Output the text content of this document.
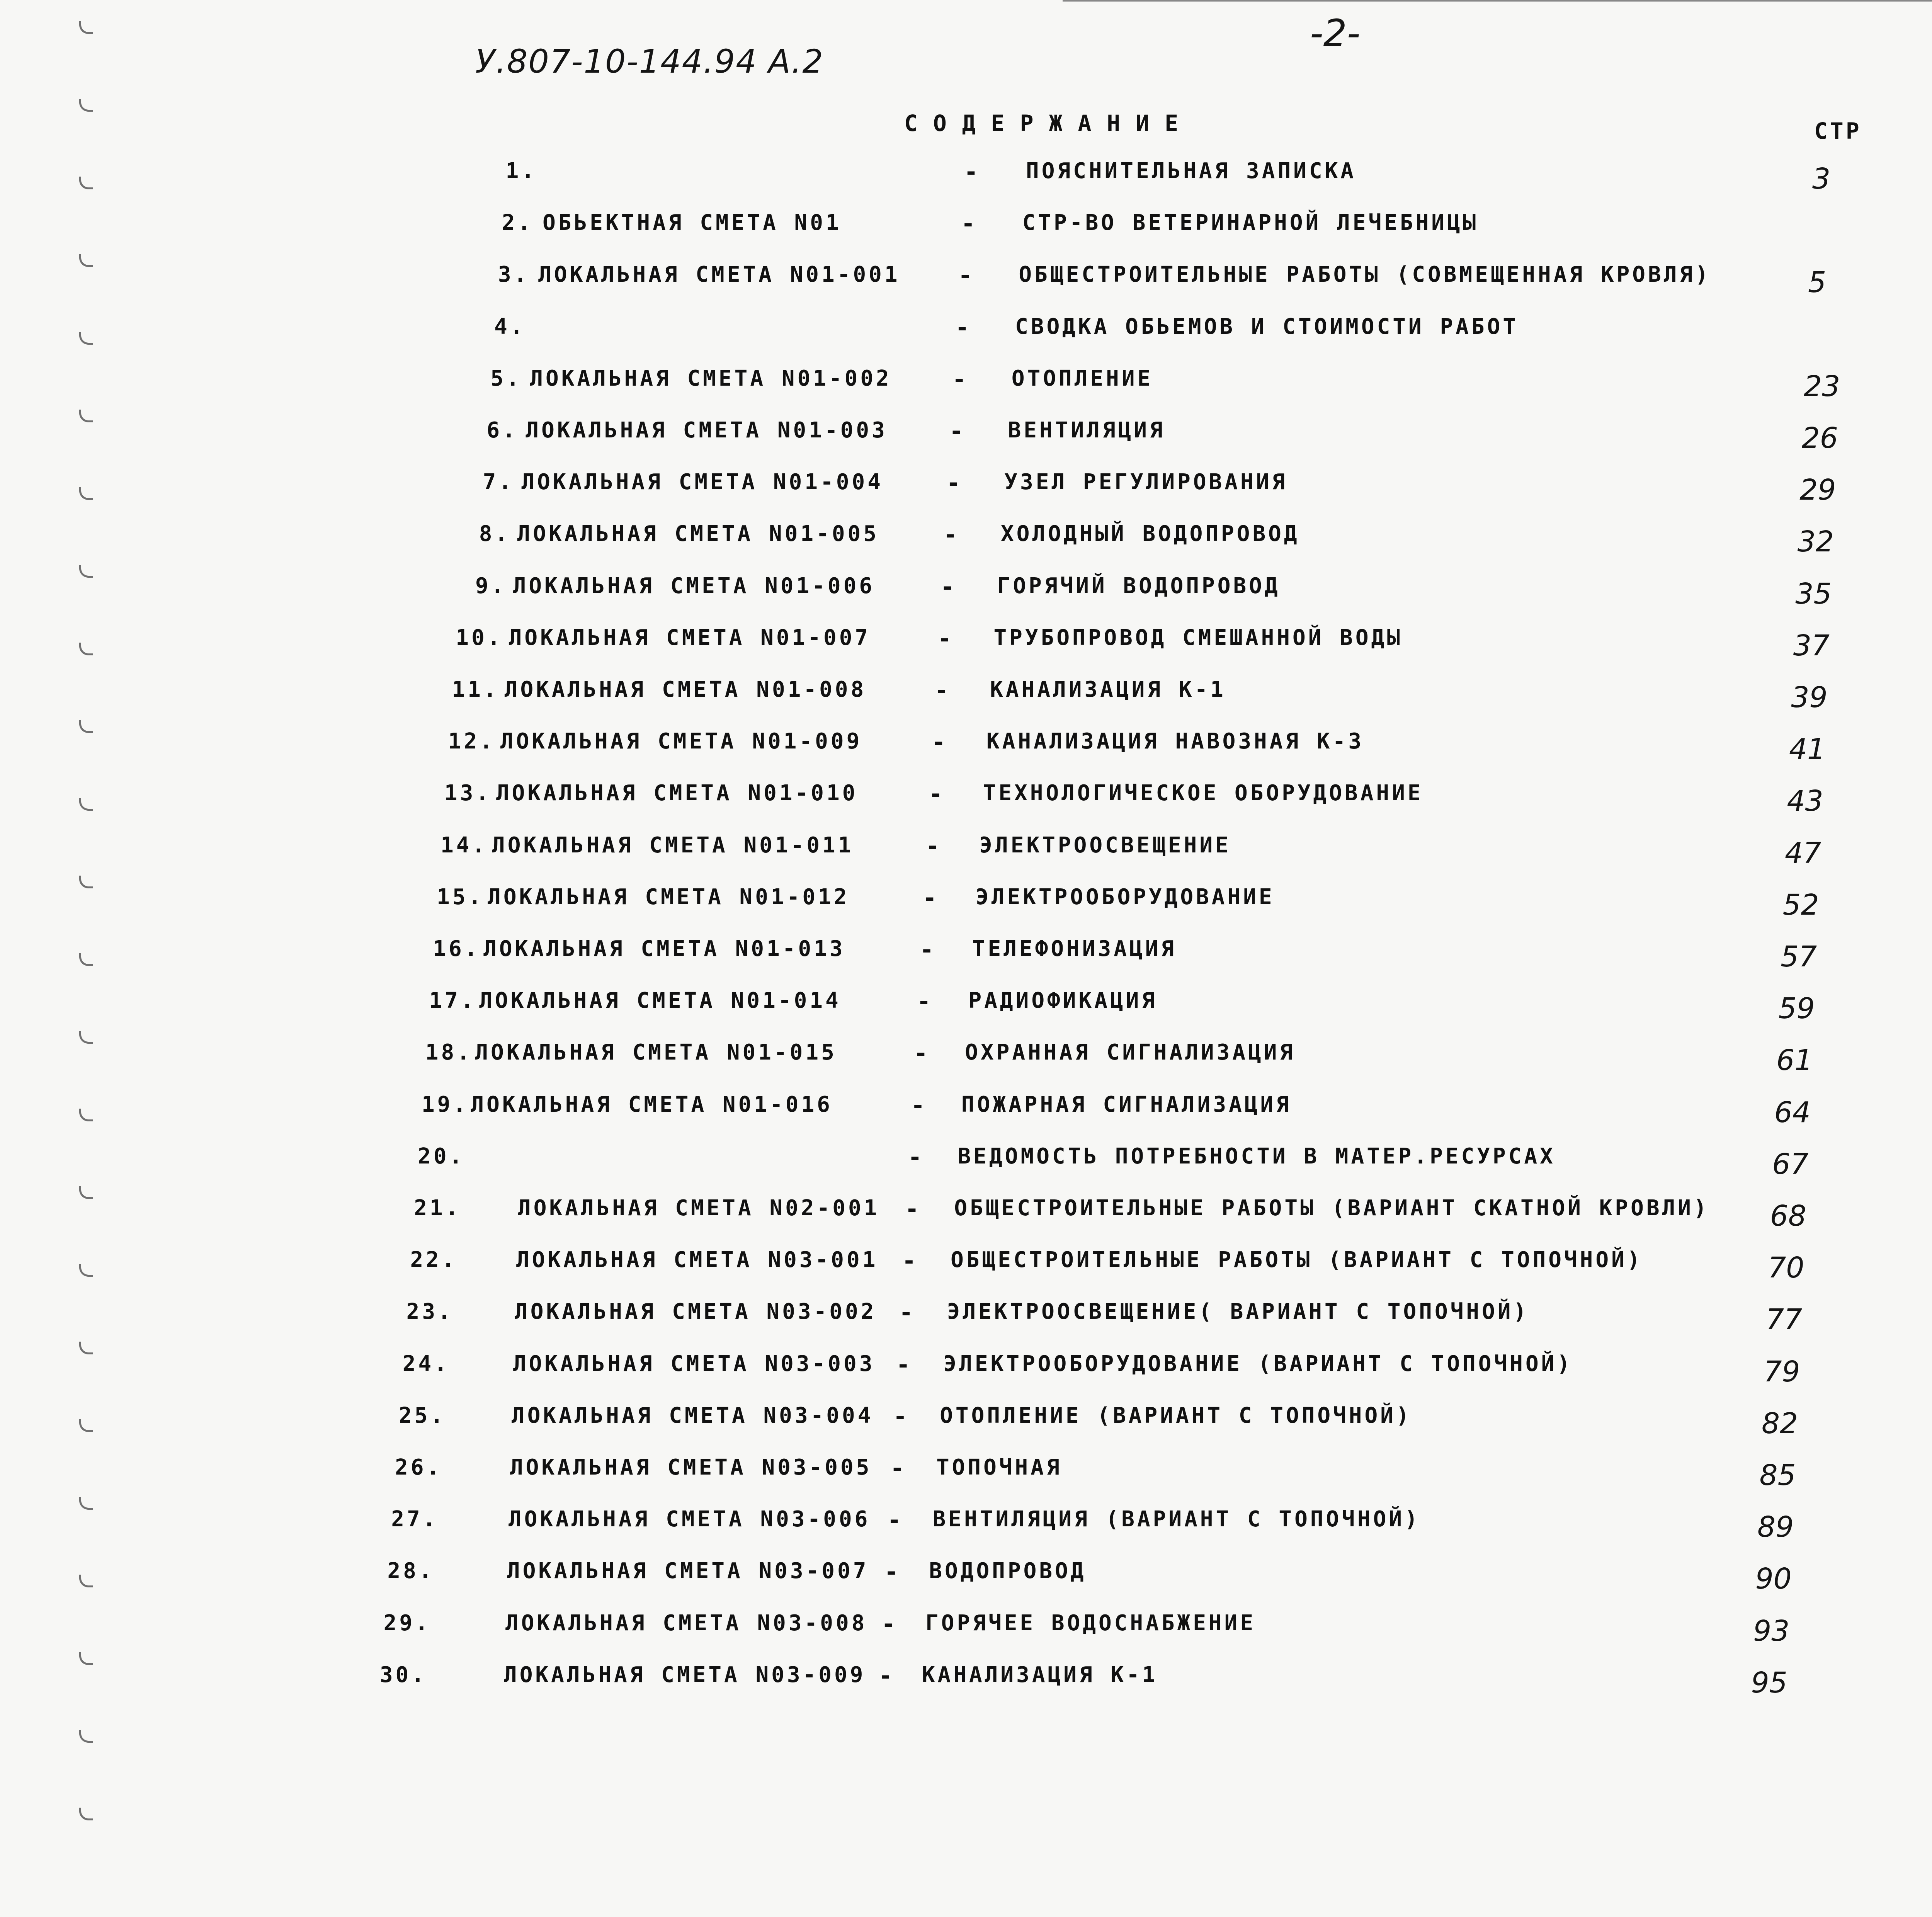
У.807-10-144.94 А.2
-2-
СОДЕРЖАНИЕ	СТР
1.	- ПОЯСНИТЕЛЬНАЯ ЗАПИСКА	3
2. ОБЬЕКТНАЯ СМЕТА N01	- СТР-ВО ВЕТЕРИНАРНОЙ ЛЕЧЕБНИЦЫ
3. ЛОКАЛЬНАЯ СМЕТА N01-001	- ОБЩЕСТРОИТЕЛЬНЫЕ РАБОТЫ (СОВМЕЩЕННАЯ КРОВЛЯ)	5
4.	- СВОДКА ОБЬЕМОВ И СТОИМОСТИ РАБОТ
5. ЛОКАЛЬНАЯ СМЕТА N01-002	- ОТОПЛЕНИЕ	23
6. ЛОКАЛЬНАЯ СМЕТА N01-003	- ВЕНТИЛЯЦИЯ	26
7. ЛОКАЛЬНАЯ СМЕТА N01-004	- УЗЕЛ РЕГУЛИРОВАНИЯ	29
8. ЛОКАЛЬНАЯ СМЕТА N01-005	- ХОЛОДНЫЙ ВОДОПРОВОД	32
9. ЛОКАЛЬНАЯ СМЕТА N01-006	- ГОРЯЧИЙ ВОДОПРОВОД	35
10. ЛОКАЛЬНАЯ СМЕТА N01-007	- ТРУБОПРОВОД СМЕШАННОЙ ВОДЫ	37
11. ЛОКАЛЬНАЯ СМЕТА N01-008	- КАНАЛИЗАЦИЯ К-1	39
12. ЛОКАЛЬНАЯ СМЕТА N01-009	- КАНАЛИЗАЦИЯ НАВОЗНАЯ К-3	41
13. ЛОКАЛЬНАЯ СМЕТА N01-010	- ТЕХНОЛОГИЧЕСКОЕ ОБОРУДОВАНИЕ	43
14. ЛОКАЛЬНАЯ СМЕТА N01-011	- ЭЛЕКТРООСВЕЩЕНИЕ	47
15. ЛОКАЛЬНАЯ СМЕТА N01-012	- ЭЛЕКТРООБОРУДОВАНИЕ	52
16. ЛОКАЛЬНАЯ СМЕТА N01-013	- ТЕЛЕФОНИЗАЦИЯ	57
17. ЛОКАЛЬНАЯ СМЕТА N01-014	- РАДИОФИКАЦИЯ	59
18. ЛОКАЛЬНАЯ СМЕТА N01-015	- ОХРАННАЯ СИГНАЛИЗАЦИЯ	61
19. ЛОКАЛЬНАЯ СМЕТА N01-016	- ПОЖАРНАЯ СИГНАЛИЗАЦИЯ	64
20.	- ВЕДОМОСТЬ ПОТРЕБНОСТИ В МАТЕР.РЕСУРСАХ	67
21.	ЛОКАЛЬНАЯ СМЕТА N02-001 - ОБЩЕСТРОИТЕЛЬНЫЕ РАБОТЫ (ВАРИАНТ СКАТНОЙ КРОВЛИ) 68
22.	ЛОКАЛЬНАЯ СМЕТА N03-001 - ОБЩЕСТРОИТЕЛЬНЫЕ РАБОТЫ (ВАРИАНТ С ТОПОЧНОЙ)	70
23.	ЛОКАЛЬНАЯ СМЕТА N03-002 - ЭЛЕКТРООСВЕЩЕНИЕ( ВАРИАНТ С ТОПОЧНОЙ)	77
24.	ЛОКАЛЬНАЯ СМЕТА N03-003 - ЭЛЕКТРООБОРУДОВАНИЕ (ВАРИАНТ С ТОПОЧНОЙ)	79
25.	ЛОКАЛЬНАЯ СМЕТА N03-004 - ОТОПЛЕНИЕ (ВАРИАНТ С ТОПОЧНОЙ)	82
26.	ЛОКАЛЬНАЯ СМЕТА N03-005 - ТОПОЧНАЯ	85
27.	ЛОКАЛЬНАЯ СМЕТА N03-006 - ВЕНТИЛЯЦИЯ (ВАРИАНТ С ТОПОЧНОЙ)	89
28.	ЛОКАЛЬНАЯ СМЕТА N03-007 - ВОДОПРОВОД	90
29.	ЛОКАЛЬНАЯ СМЕТА N03-008 - ГОРЯЧЕЕ ВОДОСНАБЖЕНИЕ	93
30.	ЛОКАЛЬНАЯ СМЕТА N03-009 - КАНАЛИЗАЦИЯ К-1	95
